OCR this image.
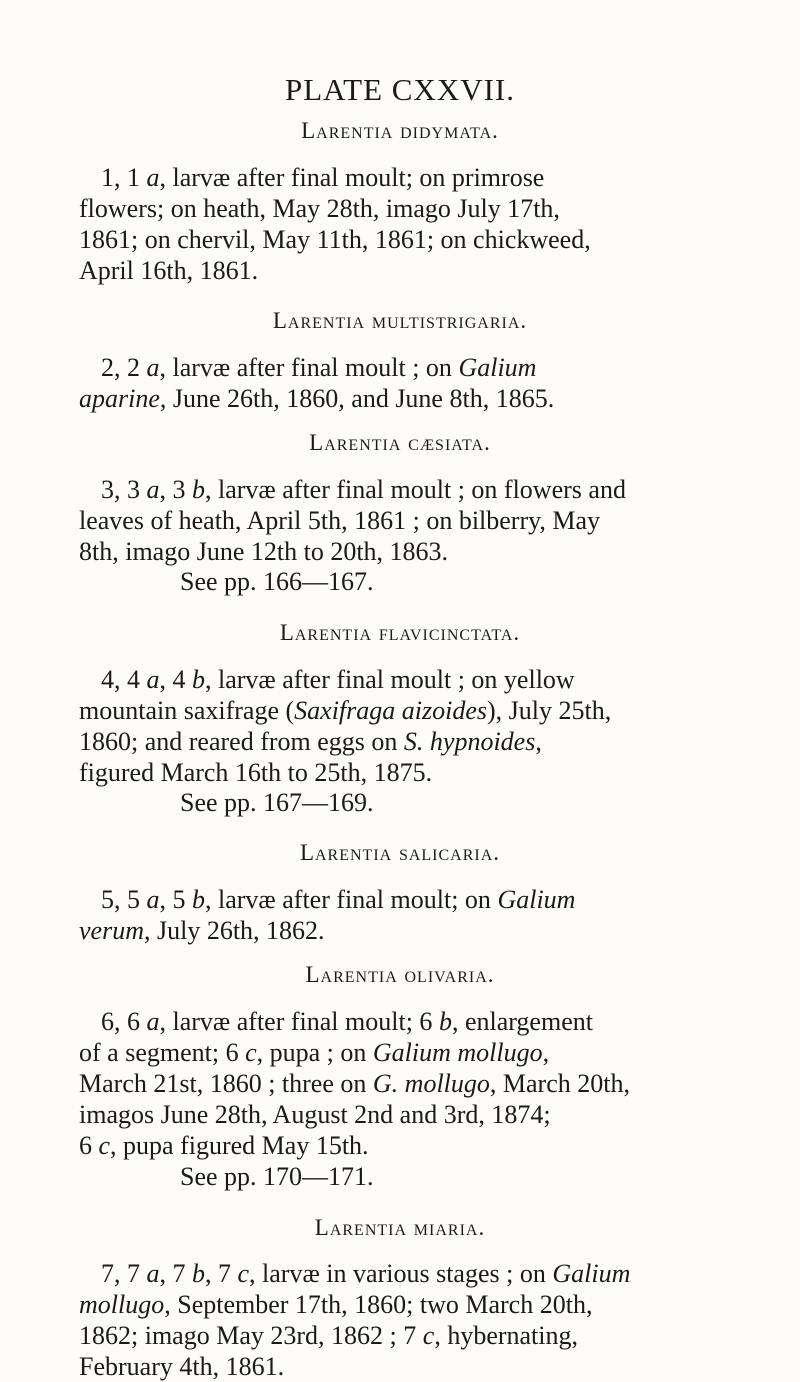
PLATE CXXVII.
Larentia didymata.
1, 1 a, larvæ after final moult; on primrose
flowers; on heath, May 28th, imago July 17th,
1861; on chervil, May 11th, 1861; on chickweed,
April 16th, 1861.
Larentia multistrigaria.
2, 2 a, larvæ after final moult ; on Galium
aparine, June 26th, 1860, and June 8th, 1865.
Larentia cæsiata.
3, 3 a, 3 b, larvæ after final moult ; on flowers and
leaves of heath, April 5th, 1861 ; on bilberry, May
8th, imago June 12th to 20th, 1863.
See pp. 166—167.
Larentia flavicinctata.
4, 4 a, 4 b, larvæ after final moult ; on yellow
mountain saxifrage (Saxifraga aizoides), July 25th,
1860; and reared from eggs on S. hypnoides,
figured March 16th to 25th, 1875.
See pp. 167—169.
Larentia salicaria.
5, 5 a, 5 b, larvæ after final moult; on Galium
verum, July 26th, 1862.
Larentia olivaria.
6, 6 a, larvæ after final moult; 6 b, enlargement
of a segment; 6 c, pupa ; on Galium mollugo,
March 21st, 1860 ; three on G. mollugo, March 20th,
imagos June 28th, August 2nd and 3rd, 1874;
6 c, pupa figured May 15th.
See pp. 170—171.
Larentia miaria.
7, 7 a, 7 b, 7 c, larvæ in various stages ; on Galium
mollugo, September 17th, 1860; two March 20th,
1862; imago May 23rd, 1862 ; 7 c, hybernating,
February 4th, 1861.
